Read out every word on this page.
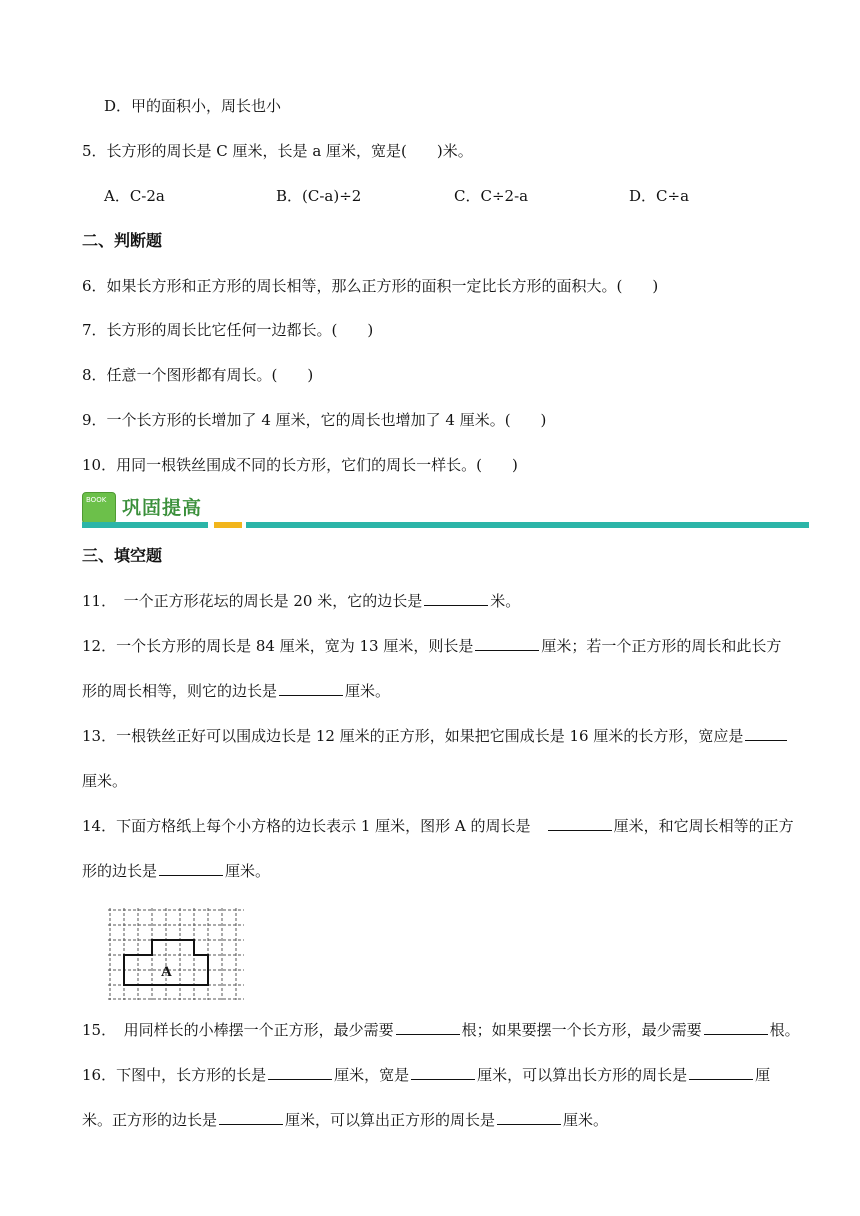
D．甲的面积小，周长也小
5．长方形的周长是 C 厘米，长是 a 厘米，宽是(　　)米。
A．C-2a	B．(C-a)÷2	C．C÷2-a	D．C÷a
二、判断题
6．如果长方形和正方形的周长相等，那么正方形的面积一定比长方形的面积大。(　　)
7．长方形的周长比它任何一边都长。(　　)
8．任意一个图形都有周长。(　　)
9．一个长方形的长增加了 4 厘米，它的周长也增加了 4 厘米。(　　)
10．用同一根铁丝围成不同的长方形，它们的周长一样长。(　　)
BOOK 巩固提高
三、填空题
11．　一个正方形花坛的周长是 20 米，它的边长是	米。
12．一个长方形的周长是 84 厘米，宽为 13 厘米，则长是	厘米；若一个正方形的周长和此长方
形的周长相等，则它的边长是	厘米。
13．一根铁丝正好可以围成边长是 12 厘米的正方形，如果把它围成长是 16 厘米的长方形，宽应是
厘米。
14．下面方格纸上每个小方格的边长表示 1 厘米，图形 A 的周长是　	厘米，和它周长相等的正方
形的边长是	厘米。
A
15．　用同样长的小棒摆一个正方形，最少需要	根；如果要摆一个长方形，最少需要	根。
16．下图中，长方形的长是	厘米，宽是	厘米，可以算出长方形的周长是	厘
米。正方形的边长是	厘米，可以算出正方形的周长是	厘米。
